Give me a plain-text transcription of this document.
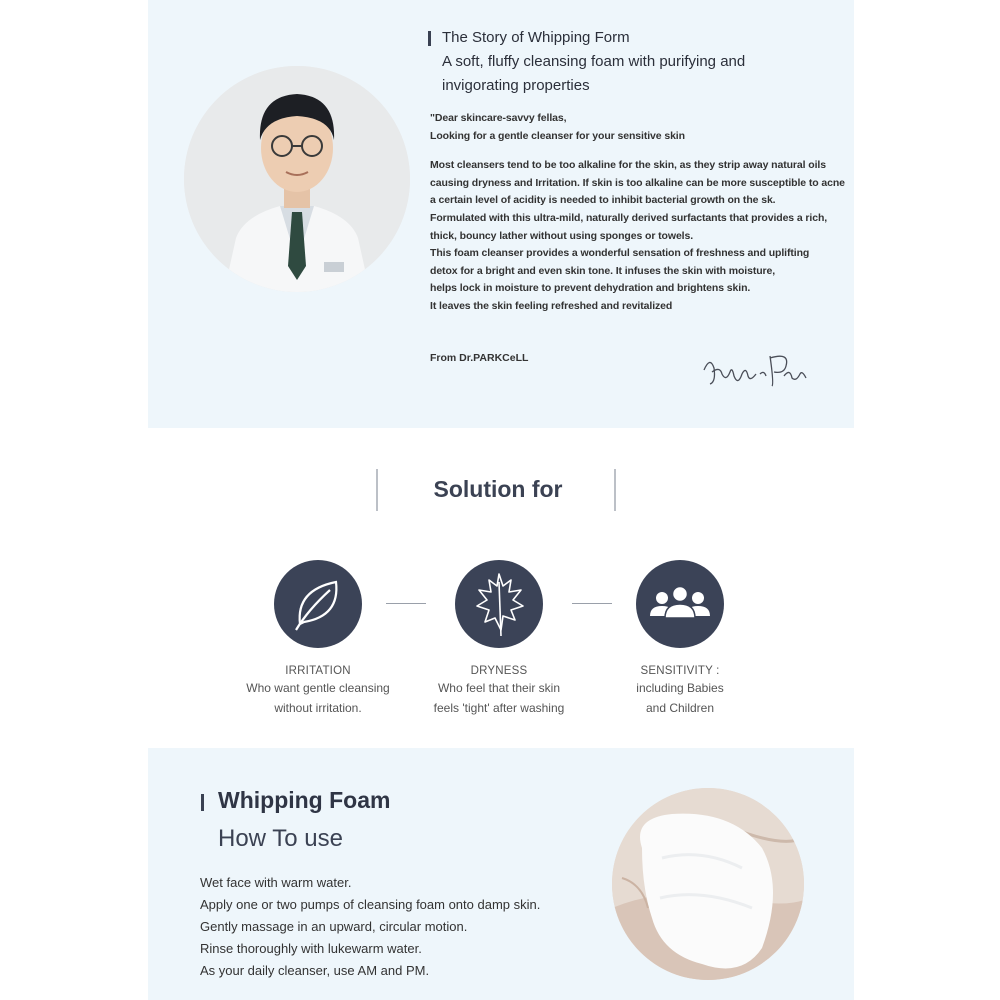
The Story of Whipping Form
A soft, fluffy cleansing foam with purifying and invigorating properties

"Dear skincare-savvy fellas,

Looking for a gentle cleanser for your sensitive skin

Most cleansers tend to be too alkaline for the skin, as they strip away natural oils

causing dryness and Irritation. If skin is too alkaline can be more susceptible to acne

a certain level of acidity is needed to inhibit bacterial growth on the sk.

Formulated with this ultra-mild, naturally derived surfactants that provides a rich,

thick, bouncy lather without using sponges or towels.

This foam cleanser provides a wonderful sensation of freshness and uplifting

detox for a bright and even skin tone. It infuses the skin with moisture,

helps lock in moisture to prevent dehydration and brightens skin.

It leaves the skin feeling refreshed and revitalized

From Dr.PARKCeLL
Solution for
IRRITATION
Who want gentle cleansing
without irritation.
DRYNESS
Who feel that their skin
feels 'tight' after washing
SENSITIVITY :
including Babies
and Children
Whipping Foam
How To use
Wet face with warm water.
Apply one or two pumps of cleansing foam onto damp skin.
Gently massage in an upward, circular motion.
Rinse thoroughly with lukewarm water.
As your daily cleanser, use AM and PM.
